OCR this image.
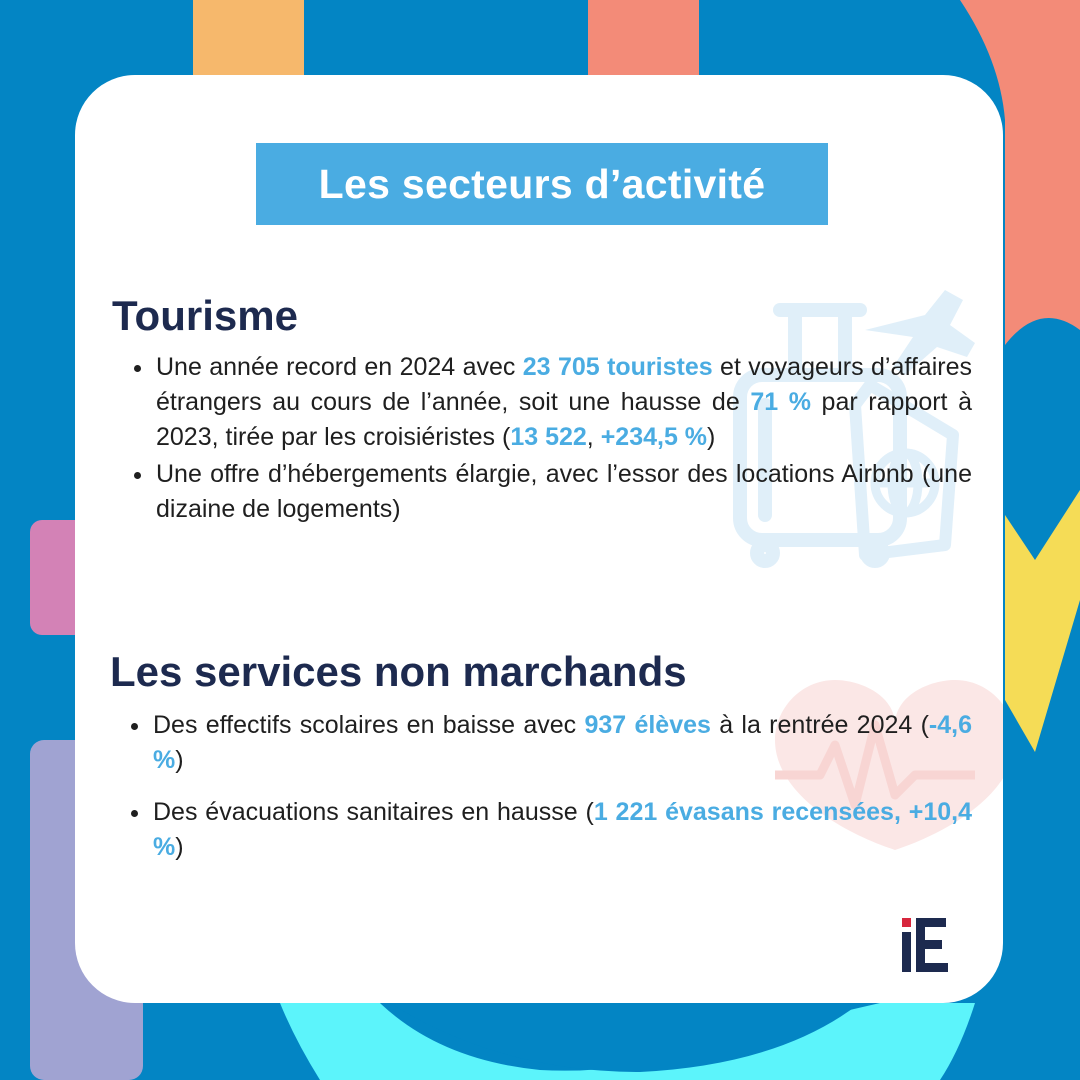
Les secteurs d’activité
Tourisme
Une année record en 2024 avec 23 705 touristes et voyageurs d’affaires étrangers au cours de l’année, soit une hausse de 71 % par rapport à 2023, tirée par les croisiéristes (13 522, +234,5 %)
Une offre d’hébergements élargie, avec l’essor des locations Airbnb (une dizaine de logements)
Les services non marchands
Des effectifs scolaires en baisse avec 937 élèves à la rentrée 2024 (-4,6 %)
Des évacuations sanitaires en hausse (1 221 évasans recensées, +10,4 %)
